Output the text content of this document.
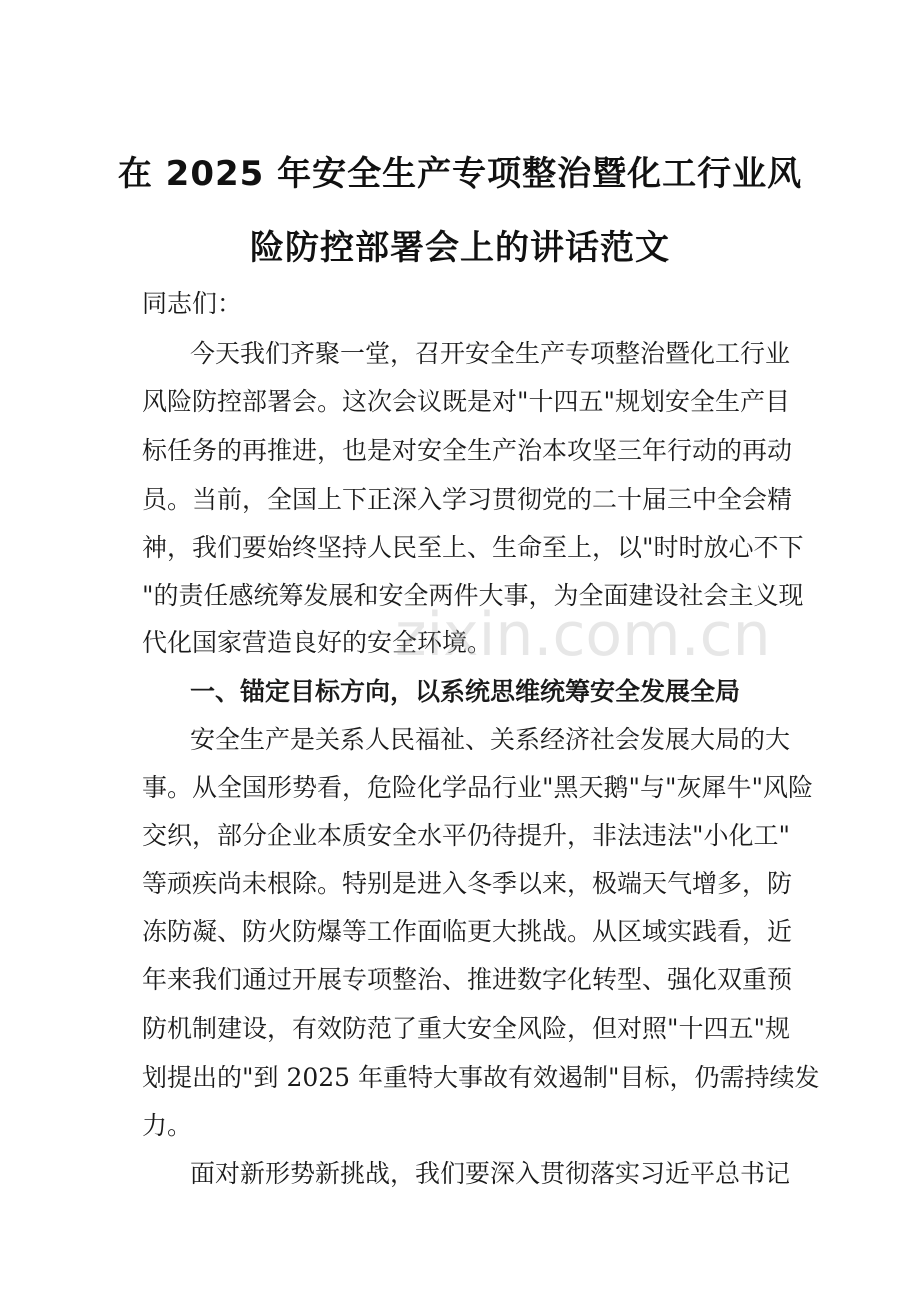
在 2025 年安全生产专项整治暨化工行业风
险防控部署会上的讲话范文
同志们：
今天我们齐聚一堂，召开安全生产专项整治暨化工行业
风险防控部署会。这次会议既是对"十四五"规划安全生产目
标任务的再推进，也是对安全生产治本攻坚三年行动的再动
员。当前，全国上下正深入学习贯彻党的二十届三中全会精
神，我们要始终坚持人民至上、生命至上，以"时时放心不下
"的责任感统筹发展和安全两件大事，为全面建设社会主义现
代化国家营造良好的安全环境。
一、锚定目标方向，以系统思维统筹安全发展全局
安全生产是关系人民福祉、关系经济社会发展大局的大
事。从全国形势看，危险化学品行业"黑天鹅"与"灰犀牛"风险
交织，部分企业本质安全水平仍待提升，非法违法"小化工"
等顽疾尚未根除。特别是进入冬季以来，极端天气增多，防
冻防凝、防火防爆等工作面临更大挑战。从区域实践看，近
年来我们通过开展专项整治、推进数字化转型、强化双重预
防机制建设，有效防范了重大安全风险，但对照"十四五"规
划提出的"到 2025 年重特大事故有效遏制"目标，仍需持续发
力。
面对新形势新挑战，我们要深入贯彻落实习近平总书记
zixin.com.cn
